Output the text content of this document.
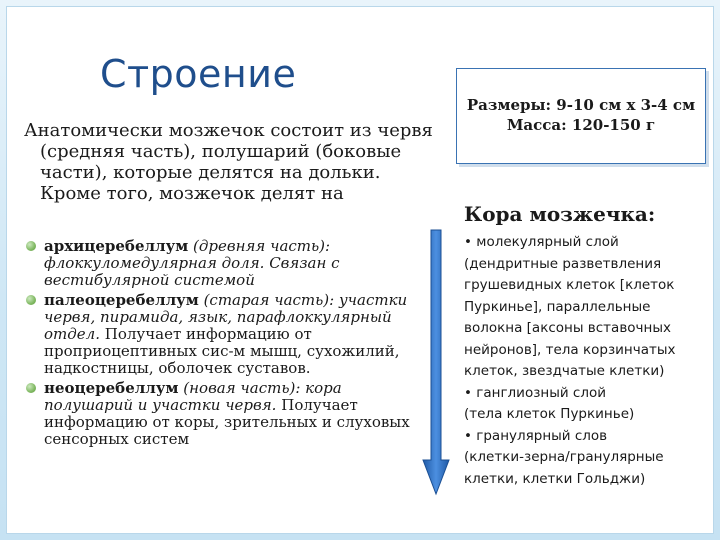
Строение

Анатомически мозжечок состоит из червя (средняя часть), полушарий (боковые части), которые делятся на дольки. Кроме того, мозжечок делят на

архицеребеллум (древняя часть): флоккуломедулярная доля. Связан с вестибулярной системой
палеоцеребеллум (старая часть): участки червя, пирамида, язык, парафлоккулярный отдел. Получает информацию от проприоцептивных сис-м мышц, сухожилий, надкостницы, оболочек суставов.
неоцеребеллум (новая часть): кора полушарий и участки червя. Получает информацию от коры, зрительных и слуховых сенсорных систем
Размеры: 9-10 см х 3-4 см
Масса: 120-150 г
Кора мозжечка:
• молекулярный слой
(дендритные разветвления
грушевидных клеток [клеток
Пуркинье], параллельные
волокна [аксоны вставочных
нейронов], тела корзинчатых
клеток, звездчатые клетки)
• ганглиозный слой
(тела клеток Пуркинье)
• гранулярный слов
(клетки-зерна/гранулярные
клетки, клетки Гольджи)
